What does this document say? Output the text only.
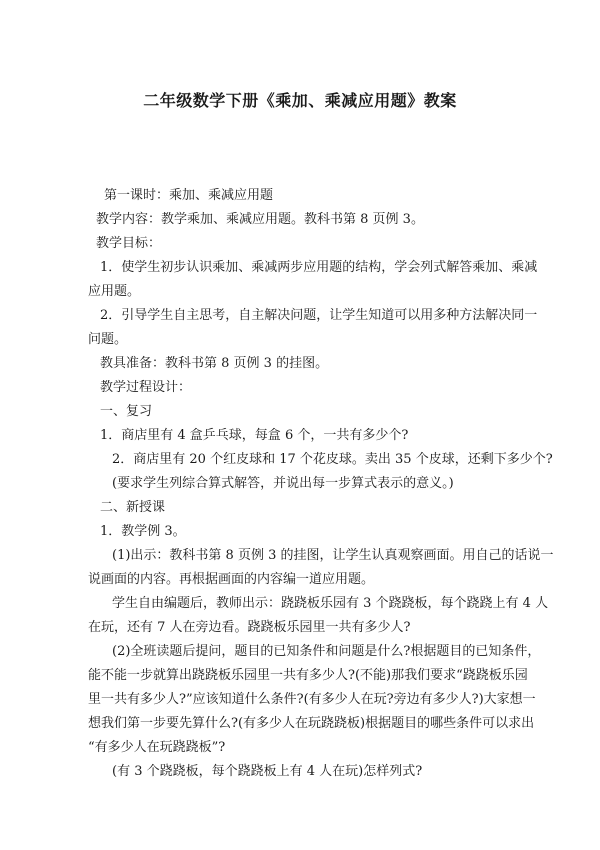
二年级数学下册《乘加、乘减应用题》教案
第一课时：乘加、乘减应用题
教学内容：教学乘加、乘减应用题。教科书第 8 页例 3。
教学目标：
1．使学生初步认识乘加、乘减两步应用题的结构，学会列式解答乘加、乘减
应用题。
2．引导学生自主思考，自主解决问题，让学生知道可以用多种方法解决同一
问题。
教具准备：教科书第 8 页例 3 的挂图。
教学过程设计：
一、复习
1．商店里有 4 盒乒乓球，每盒 6 个，一共有多少个?
2．商店里有 20 个红皮球和 17 个花皮球。卖出 35 个皮球，还剩下多少个?
(要求学生列综合算式解答，并说出每一步算式表示的意义。)
二、新授课
1．教学例 3。
(1)出示：教科书第 8 页例 3 的挂图，让学生认真观察画面。用自己的话说一
说画面的内容。再根据画面的内容编一道应用题。
学生自由编题后，教师出示：跷跷板乐园有 3 个跷跷板，每个跷跷上有 4 人
在玩，还有 7 人在旁边看。跷跷板乐园里一共有多少人?
(2)全班读题后提问，题目的已知条件和问题是什么?根据题目的已知条件，
能不能一步就算出跷跷板乐园里一共有多少人?(不能)那我们要求“跷跷板乐园
里一共有多少人?”应该知道什么条件?(有多少人在玩?旁边有多少人?)大家想一
想我们第一步要先算什么?(有多少人在玩跷跷板)根据题目的哪些条件可以求出
“有多少人在玩跷跷板”?
(有 3 个跷跷板，每个跷跷板上有 4 人在玩)怎样列式?
